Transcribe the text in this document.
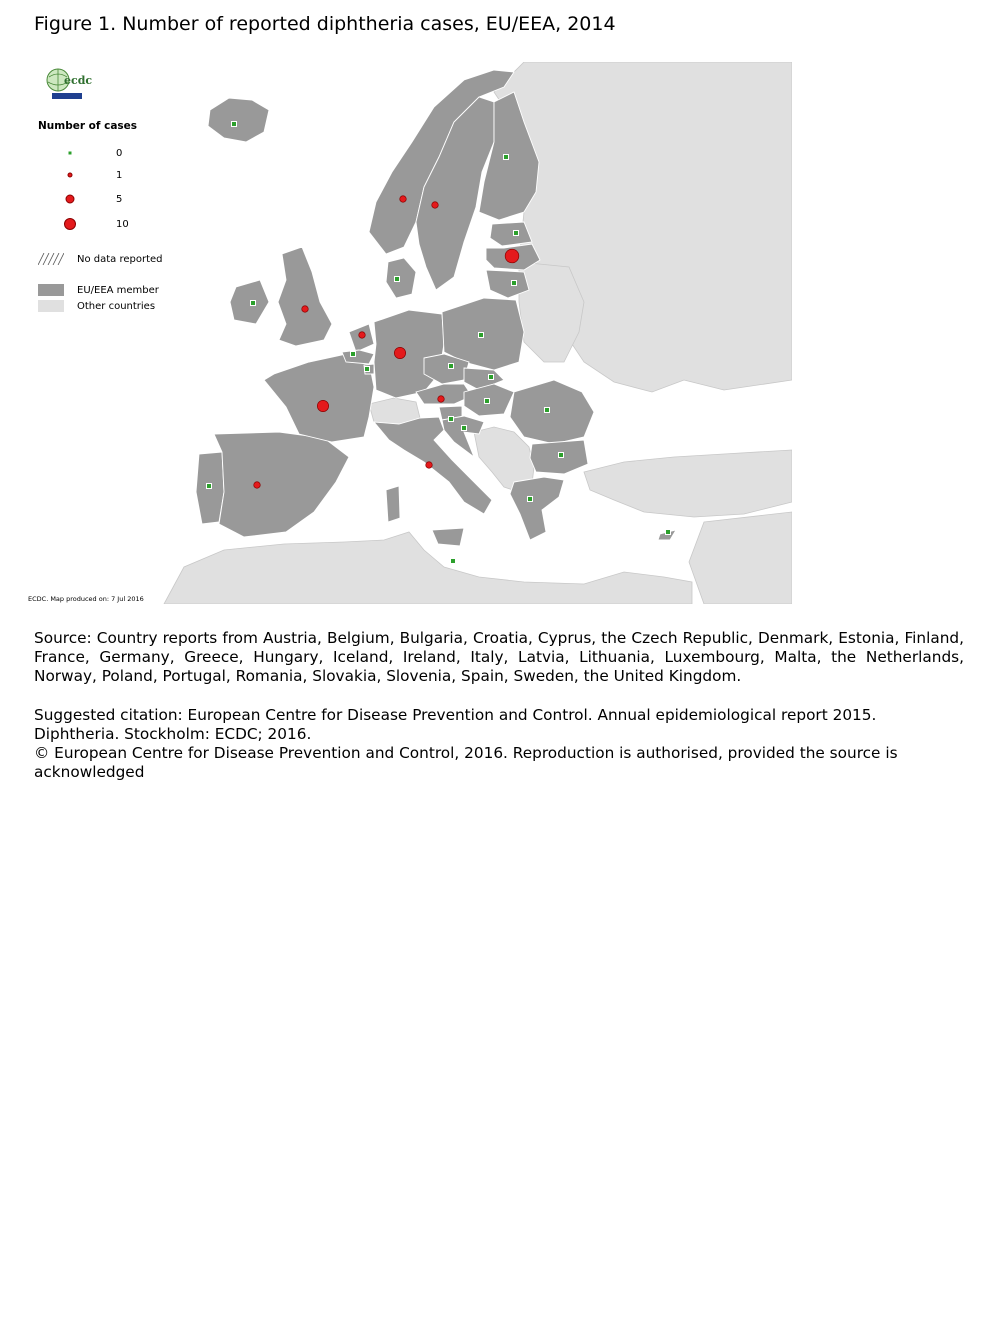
Figure 1. Number of reported diphtheria cases, EU/EEA, 2014
ecdc
Number of cases
0
1
5
10
No data reported
EU/EEA member
Other countries
ECDC. Map produced on: 7 Jul 2016
Source: Country reports from Austria, Belgium, Bulgaria, Croatia, Cyprus, the Czech Republic, Denmark, Estonia, Finland, France, Germany, Greece, Hungary, Iceland, Ireland, Italy, Latvia, Lithuania, Luxembourg, Malta, the Netherlands, Norway, Poland, Portugal, Romania, Slovakia, Slovenia, Spain, Sweden, the United Kingdom.

Suggested citation: European Centre for Disease Prevention and Control. Annual epidemiological report 2015. Diphtheria. Stockholm: ECDC; 2016.

© European Centre for Disease Prevention and Control, 2016. Reproduction is authorised, provided the source is acknowledged
